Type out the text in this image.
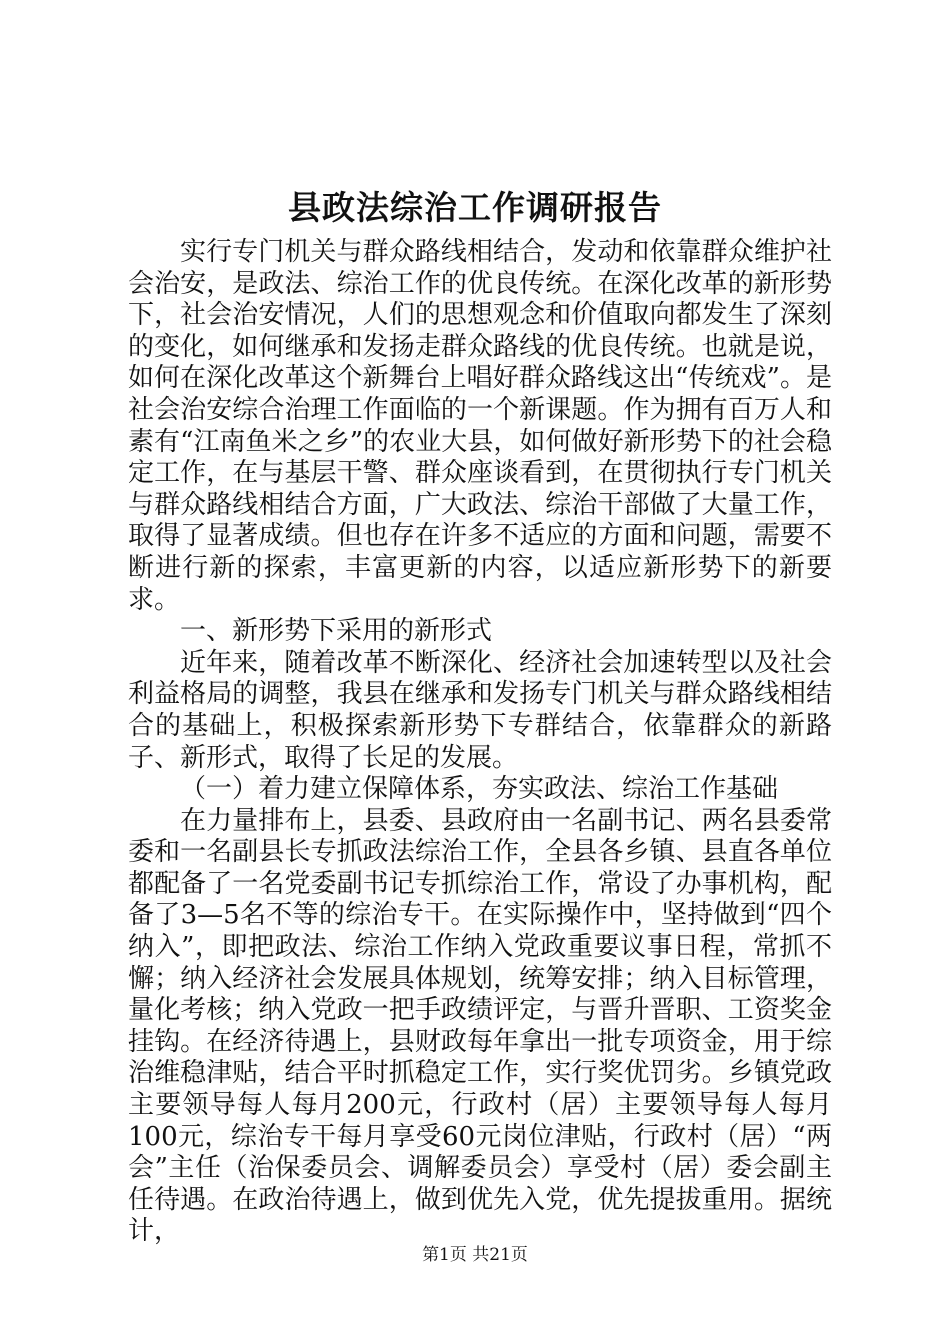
县政法综治工作调研报告

实行专门机关与群众路线相结合，发动和依靠群众维护社会治安，是政法、综治工作的优良传统。在深化改革的新形势下，社会治安情况，人们的思想观念和价值取向都发生了深刻的变化，如何继承和发扬走群众路线的优良传统。也就是说，如何在深化改革这个新舞台上唱好群众路线这出“传统戏”。是社会治安综合治理工作面临的一个新课题。作为拥有百万人和素有“江南鱼米之乡”的农业大县，如何做好新形势下的社会稳定工作，在与基层干警、群众座谈看到，在贯彻执行专门机关与群众路线相结合方面，广大政法、综治干部做了大量工作，取得了显著成绩。但也存在许多不适应的方面和问题，需要不断进行新的探索，丰富更新的内容，以适应新形势下的新要求。

一、新形势下采用的新形式

近年来，随着改革不断深化、经济社会加速转型以及社会利益格局的调整，我县在继承和发扬专门机关与群众路线相结合的基础上，积极探索新形势下专群结合，依靠群众的新路子、新形式，取得了长足的发展。

（一）着力建立保障体系，夯实政法、综治工作基础

在力量排布上，县委、县政府由一名副书记、两名县委常委和一名副县长专抓政法综治工作，全县各乡镇、县直各单位都配备了一名党委副书记专抓综治工作，常设了办事机构，配备了3—5名不等的综治专干。在实际操作中，坚持做到“四个纳入”，即把政法、综治工作纳入党政重要议事日程，常抓不懈；纳入经济社会发展具体规划，统筹安排；纳入目标管理，量化考核；纳入党政一把手政绩评定，与晋升晋职、工资奖金挂钩。在经济待遇上，县财政每年拿出一批专项资金，用于综治维稳津贴，结合平时抓稳定工作，实行奖优罚劣。乡镇党政主要领导每人每月200元，行政村（居）主要领导每人每月100元，综治专干每月享受60元岗位津贴，行政村（居）“两会”主任（治保委员会、调解委员会）享受村（居）委会副主任待遇。在政治待遇上，做到优先入党，优先提拔重用。据统计，

第1页 共21页
